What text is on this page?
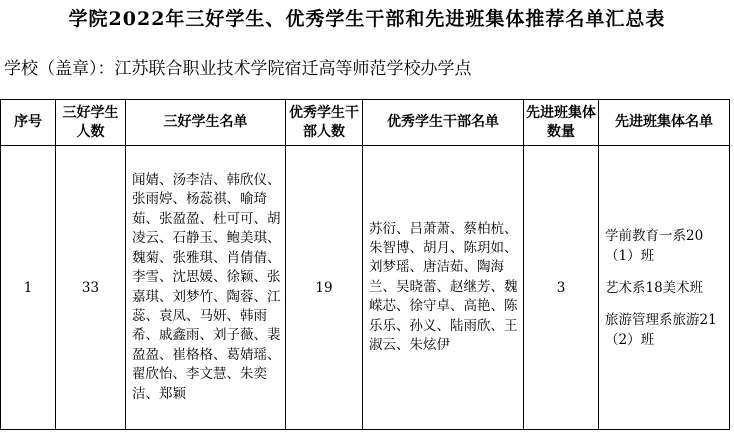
学院2022年三好学生、优秀学生干部和先进班集体推荐名单汇总表
学校（盖章）：江苏联合职业技术学院宿迁高等师范学校办学点
序号	三好学生人数	三好学生名单	优秀学生干部人数	优秀学生干部名单	先进班集体数量	先进班集体名单
1	33	闻婧、汤李洁、韩欣仪、张雨婷、杨蕊祺、喻琦茹、张盈盈、杜可可、胡凌云、石静玉、鲍美琪、魏菊、张雅琪、肖倩倩、李雪、沈思媛、徐颖、张嘉琪、刘梦竹、陶蓉、江蕊、袁凤、马妍、韩雨希、戚鑫雨、刘子薇、裴盈盈、崔格格、葛婧瑶、翟欣怡、李文慧、朱奕洁、郑颖	19	苏衍、吕萧萧、蔡柏杭、朱智博、胡月、陈玥如、刘梦瑶、唐洁茹、陶海兰、吴晓蕾、赵继芳、魏嵘芯、徐守卓、高艳、陈乐乐、孙义、陆雨欣、王淑云、朱炫伊	3	学前教育一系20（1）班

艺术系18美术班

旅游管理系旅游21（2）班
